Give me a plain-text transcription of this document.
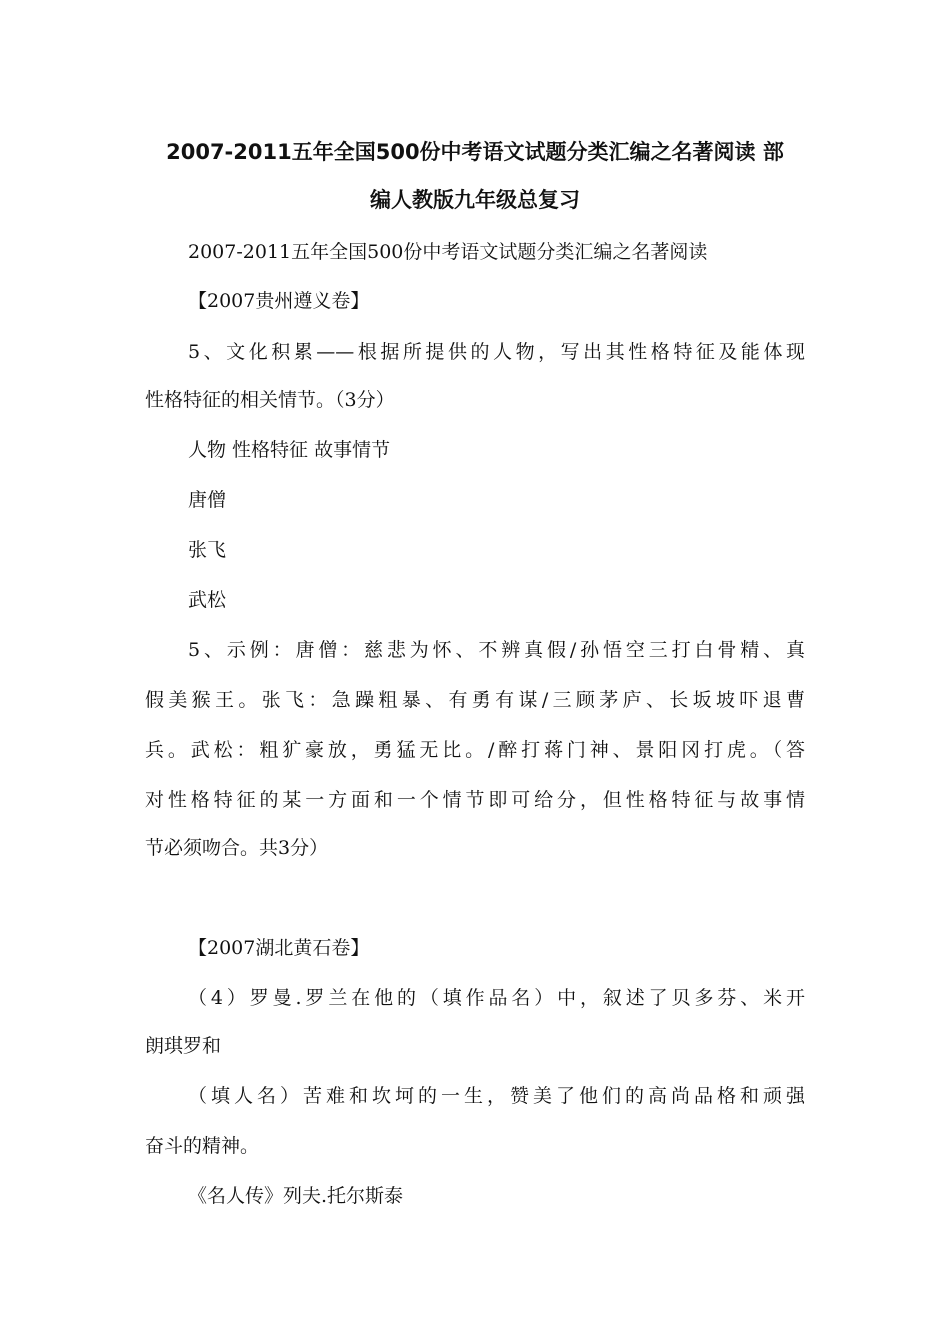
2007-2011五年全国500份中考语文试题分类汇编之名著阅读 部
编人教版九年级总复习
2007-2011五年全国500份中考语文试题分类汇编之名著阅读
【2007贵州遵义卷】
5、文化积累——根据所提供的人物，写出其性格特征及能体现
性格特征的相关情节。（3分）
人物 性格特征 故事情节
唐僧
张飞
武松
5、示例：唐僧：慈悲为怀、不辨真假/孙悟空三打白骨精、真
假美猴王。张飞：急躁粗暴、有勇有谋/三顾茅庐、长坂坡吓退曹
兵。武松：粗犷豪放，勇猛无比。/醉打蒋门神、景阳冈打虎。（答
对性格特征的某一方面和一个情节即可给分，但性格特征与故事情
节必须吻合。共3分）
【2007湖北黄石卷】
（4）罗曼.罗兰在他的（填作品名）中，叙述了贝多芬、米开
朗琪罗和
（填人名）苦难和坎坷的一生，赞美了他们的高尚品格和顽强
奋斗的精神。
《名人传》列夫.托尔斯泰
